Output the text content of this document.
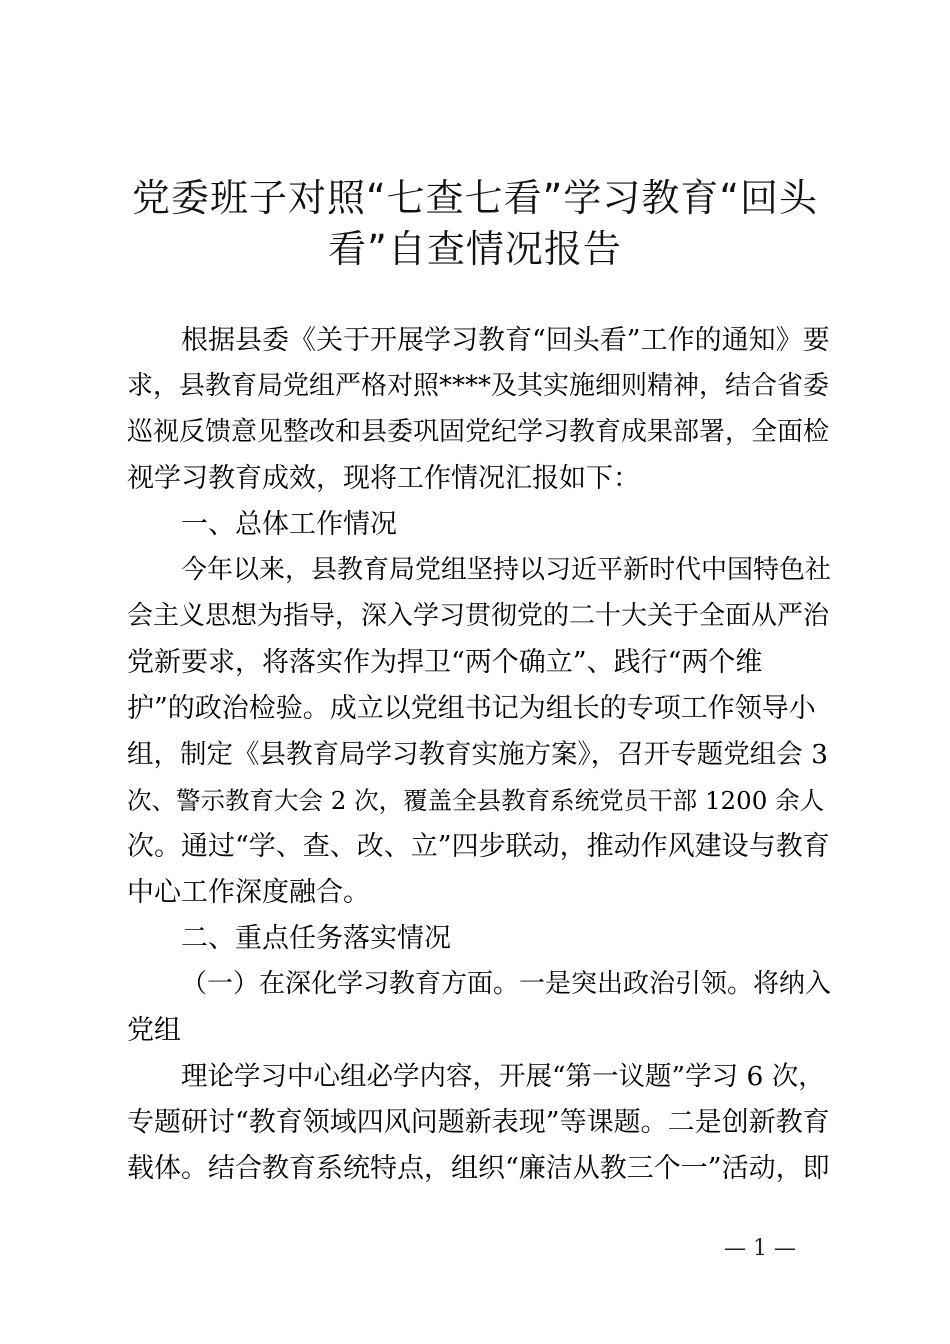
党委班子对照“七查七看”学习教育“回头
看”自查情况报告
根据县委《关于开展学习教育“回头看”工作的通知》要
求，县教育局党组严格对照****及其实施细则精神，结合省委
巡视反馈意见整改和县委巩固党纪学习教育成果部署，全面检
视学习教育成效，现将工作情况汇报如下：
一、总体工作情况
今年以来，县教育局党组坚持以习近平新时代中国特色社
会主义思想为指导，深入学习贯彻党的二十大关于全面从严治
党新要求，将落实作为捍卫“两个确立”、践行“两个维
护”的政治检验。成立以党组书记为组长的专项工作领导小
组，制定《县教育局学习教育实施方案》，召开专题党组会 3
次、警示教育大会 2 次，覆盖全县教育系统党员干部 1200 余人
次。通过“学、查、改、立”四步联动，推动作风建设与教育
中心工作深度融合。
二、重点任务落实情况
（一）在深化学习教育方面。一是突出政治引领。将纳入
党组
理论学习中心组必学内容，开展“第一议题”学习 6 次，
专题研讨“教育领域四风问题新表现”等课题。二是创新教育
载体。结合教育系统特点，组织“廉洁从教三个一”活动，即
— 1 —
